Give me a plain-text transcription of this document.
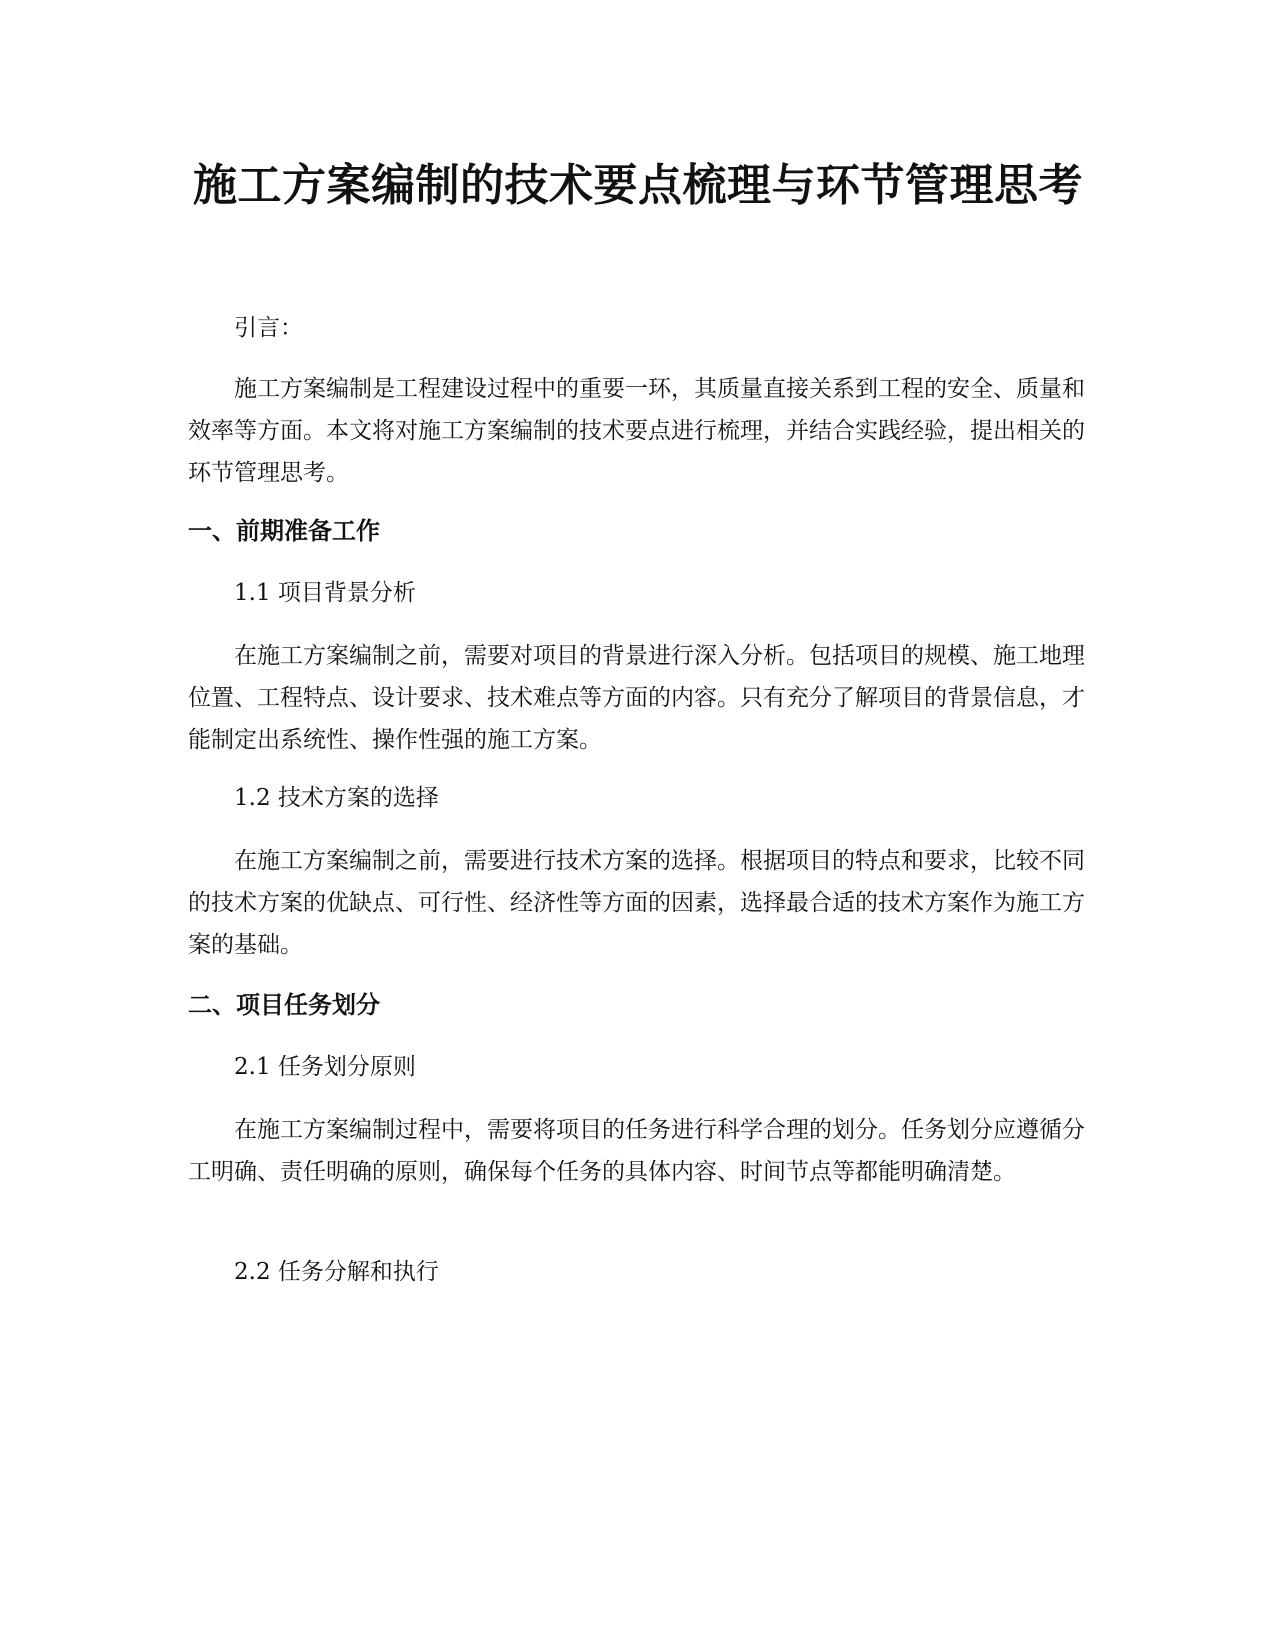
施工方案编制的技术要点梳理与环节管理思考

引言：

施工方案编制是工程建设过程中的重要一环，其质量直接关系到工程的安全、质量和效率等方面。本文将对施工方案编制的技术要点进行梳理，并结合实践经验，提出相关的环节管理思考。

一、前期准备工作

1.1 项目背景分析

在施工方案编制之前，需要对项目的背景进行深入分析。包括项目的规模、施工地理位置、工程特点、设计要求、技术难点等方面的内容。只有充分了解项目的背景信息，才能制定出系统性、操作性强的施工方案。

1.2 技术方案的选择

在施工方案编制之前，需要进行技术方案的选择。根据项目的特点和要求，比较不同的技术方案的优缺点、可行性、经济性等方面的因素，选择最合适的技术方案作为施工方案的基础。

二、项目任务划分

2.1 任务划分原则

在施工方案编制过程中，需要将项目的任务进行科学合理的划分。任务划分应遵循分工明确、责任明确的原则，确保每个任务的具体内容、时间节点等都能明确清楚。

2.2 任务分解和执行
